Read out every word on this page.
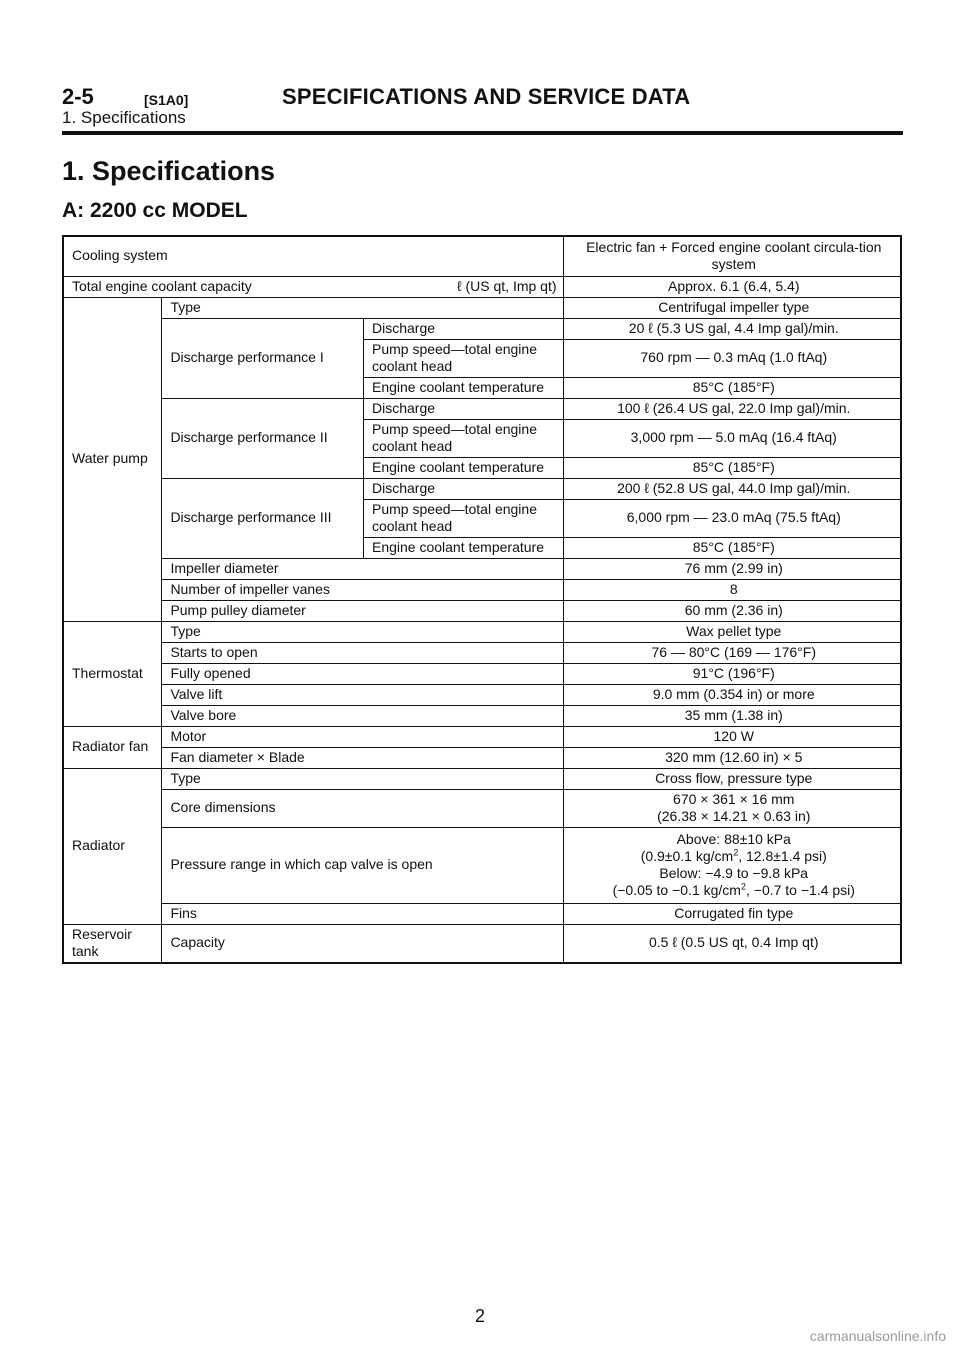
2-5	[S1A0]	SPECIFICATIONS AND SERVICE DATA
1. Specifications
1. Specifications
A: 2200 cc MODEL
Cooling system			Electric fan + Forced engine coolant circula-tion system
Total engine coolant capacity ℓ (US qt, Imp qt)			Approx. 6.1 (6.4, 5.4)
Water pump	Type		Centrifugal impeller type
	Discharge performance I	Discharge	20 ℓ (5.3 US gal, 4.4 Imp gal)/min.
		Pump speed—total engine coolant head	760 rpm — 0.3 mAq (1.0 ftAq)
		Engine coolant temperature	85°C (185°F)
	Discharge performance II	Discharge	100 ℓ (26.4 US gal, 22.0 Imp gal)/min.
		Pump speed—total engine coolant head	3,000 rpm — 5.0 mAq (16.4 ftAq)
		Engine coolant temperature	85°C (185°F)
	Discharge performance III	Discharge	200 ℓ (52.8 US gal, 44.0 Imp gal)/min.
		Pump speed—total engine coolant head	6,000 rpm — 23.0 mAq (75.5 ftAq)
		Engine coolant temperature	85°C (185°F)
	Impeller diameter		76 mm (2.99 in)
	Number of impeller vanes		8
	Pump pulley diameter		60 mm (2.36 in)
Thermostat	Type		Wax pellet type
	Starts to open		76 — 80°C (169 — 176°F)
	Fully opened		91°C (196°F)
	Valve lift		9.0 mm (0.354 in) or more
	Valve bore		35 mm (1.38 in)
Radiator fan	Motor		120 W
	Fan diameter × Blade		320 mm (12.60 in) × 5
Radiator	Type		Cross flow, pressure type
	Core dimensions		670 × 361 × 16 mm
(26.38 × 14.21 × 0.63 in)

	Pressure range in which cap valve is open		Above: 88±10 kPa
(0.9±0.1 $kg/cm^2$, 12.8±1.4 psi)
Below: −4.9 to −9.8 kPa
(−0.05 to −0.1 $kg/cm^2$, −0.7 to −1.4 psi)

	Fins		Corrugated fin type

Reservoir
tank	Capacity		0.5 ℓ (0.5 US qt, 0.4 Imp qt)
2
carmanualsonline.info
